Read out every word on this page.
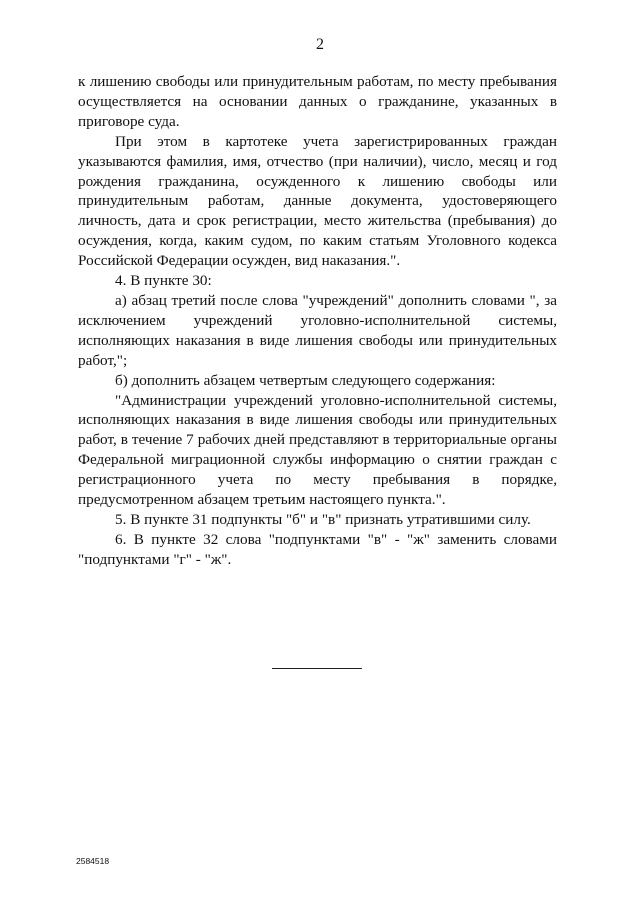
2

к лишению свободы или принудительным работам, по месту пребывания осуществляется на основании данных о гражданине, указанных в приговоре суда.

При этом в картотеке учета зарегистрированных граждан указываются фамилия, имя, отчество (при наличии), число, месяц и год рождения гражданина, осужденного к лишению свободы или принудительным работам, данные документа, удостоверяющего личность, дата и срок регистрации, место жительства (пребывания) до осуждения, когда, каким судом, по каким статьям Уголовного кодекса Российской Федерации осужден, вид наказания.".

4. В пункте 30:

а) абзац третий после слова "учреждений" дополнить словами ", за исключением учреждений уголовно-исполнительной системы, исполняющих наказания в виде лишения свободы или принудительных работ,";

б) дополнить абзацем четвертым следующего содержания:

"Администрации учреждений уголовно-исполнительной системы, исполняющих наказания в виде лишения свободы или принудительных работ, в течение 7 рабочих дней представляют в территориальные органы Федеральной миграционной службы информацию о снятии граждан с регистрационного учета по месту пребывания в порядке, предусмотренном абзацем третьим настоящего пункта.".

5. В пункте 31 подпункты "б" и "в" признать утратившими силу.

6. В пункте 32 слова "подпунктами "в" - "ж" заменить словами "подпунктами "г" - "ж".

2584518
